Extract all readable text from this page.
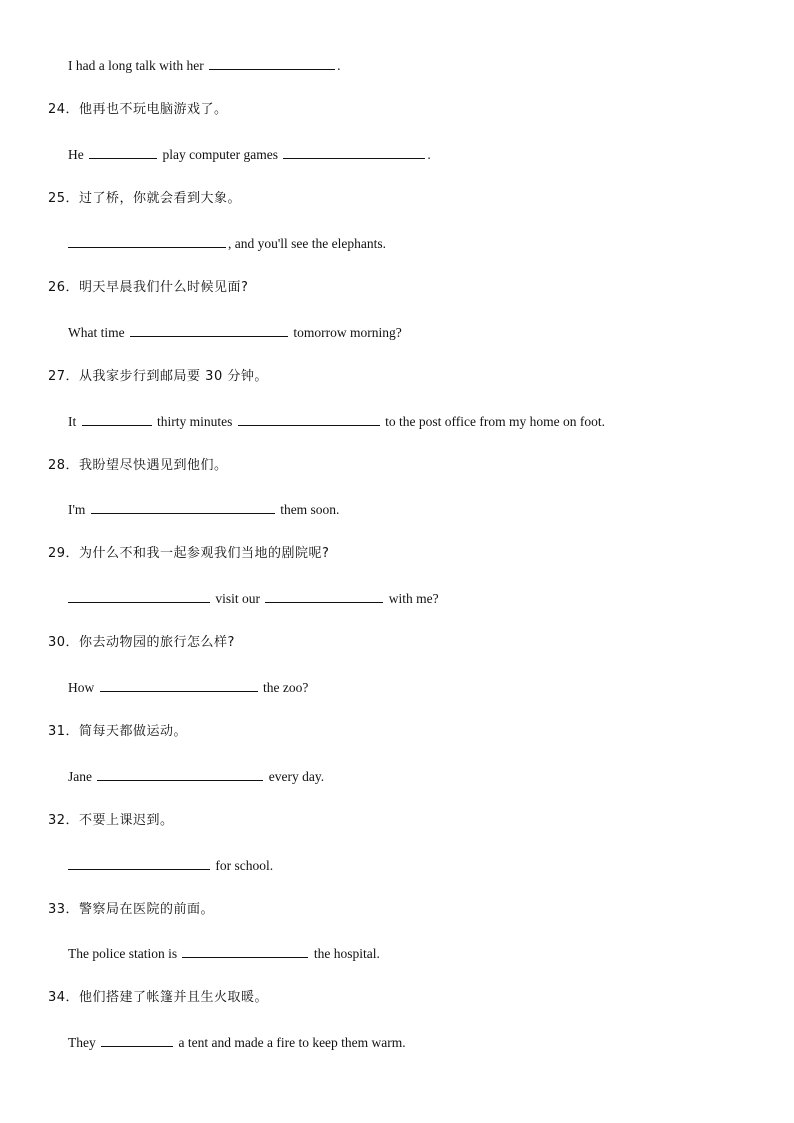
I had a long talk with her	.
24．他再也不玩电脑游戏了。
He	play computer games	.
25．过了桥，你就会看到大象。
, and you'll see the elephants.
26．明天早晨我们什么时候见面?
What time	tomorrow morning?
27．从我家步行到邮局要 30 分钟。
It	thirty minutes	to the post office from my home on foot.
28．我盼望尽快遇见到他们。
I'm	them soon.
29．为什么不和我一起参观我们当地的剧院呢?
visit our	with me?
30．你去动物园的旅行怎么样?
How	the zoo?
31．简每天都做运动。
Jane	every day.
32．不要上课迟到。
for school.
33．警察局在医院的前面。
The police station is	the hospital.
34．他们搭建了帐篷并且生火取暖。
They	a tent and made a fire to keep them warm.
